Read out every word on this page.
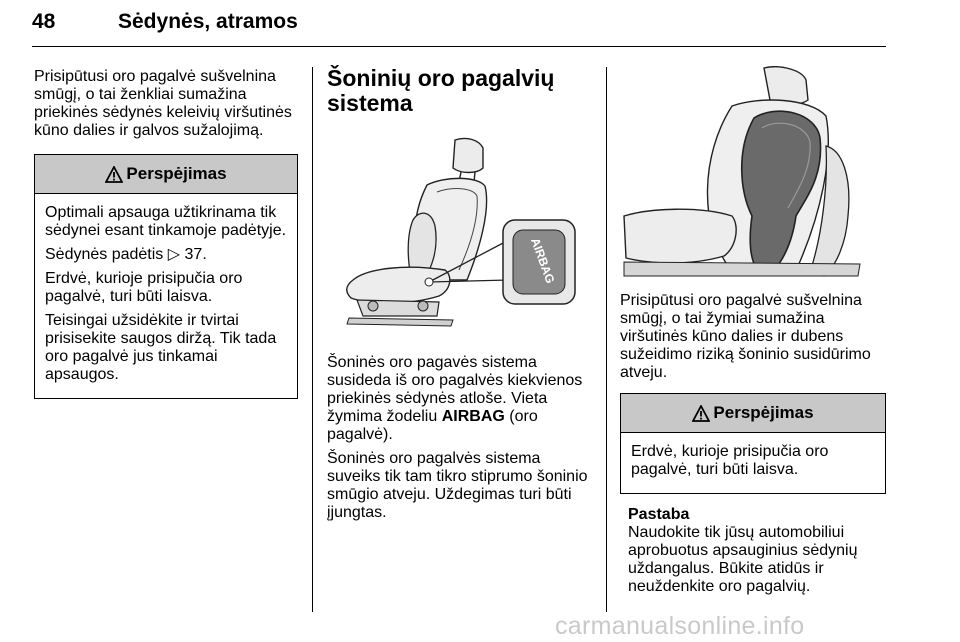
48	Sėdynės, atramos

Prisipūtusi oro pagalvė sušvelnina smūgį, o tai ženkliai sumažina priekinės sėdynės keleivių viršutinės kūno dalies ir galvos sužalojimą.

Perspėjimas

Optimali apsauga užtikrinama tik sėdynei esant tinkamoje padėtyje.

Sėdynės padėtis ▷ 37.

Erdvė, kurioje prisipučia oro pagalvė, turi būti laisva.

Teisingai užsidėkite ir tvirtai prisisekite saugos diržą. Tik tada oro pagalvė jus tinkamai apsaugos.

Šoninių oro pagalvių sistema
AIRBAG

Šoninės oro pagavės sistema susideda iš oro pagalvės kiekvienos priekinės sėdynės atloše. Vieta žymima žodeliu AIRBAG (oro pagalvė).

Šoninės oro pagalvės sistema suveiks tik tam tikro stiprumo šoninio smūgio atveju. Uždegimas turi būti įjungtas.

Prisipūtusi oro pagalvė sušvelnina smūgį, o tai žymiai sumažina viršutinės kūno dalies ir dubens sužeidimo riziką šoninio susidūrimo atveju.

Perspėjimas

Erdvė, kurioje prisipučia oro pagalvė, turi būti laisva.

Pastaba

Naudokite tik jūsų automobiliui aprobuotus apsauginius sėdynių uždangalus. Būkite atidūs ir neuždenkite oro pagalvių.

carmanualsonline.info
